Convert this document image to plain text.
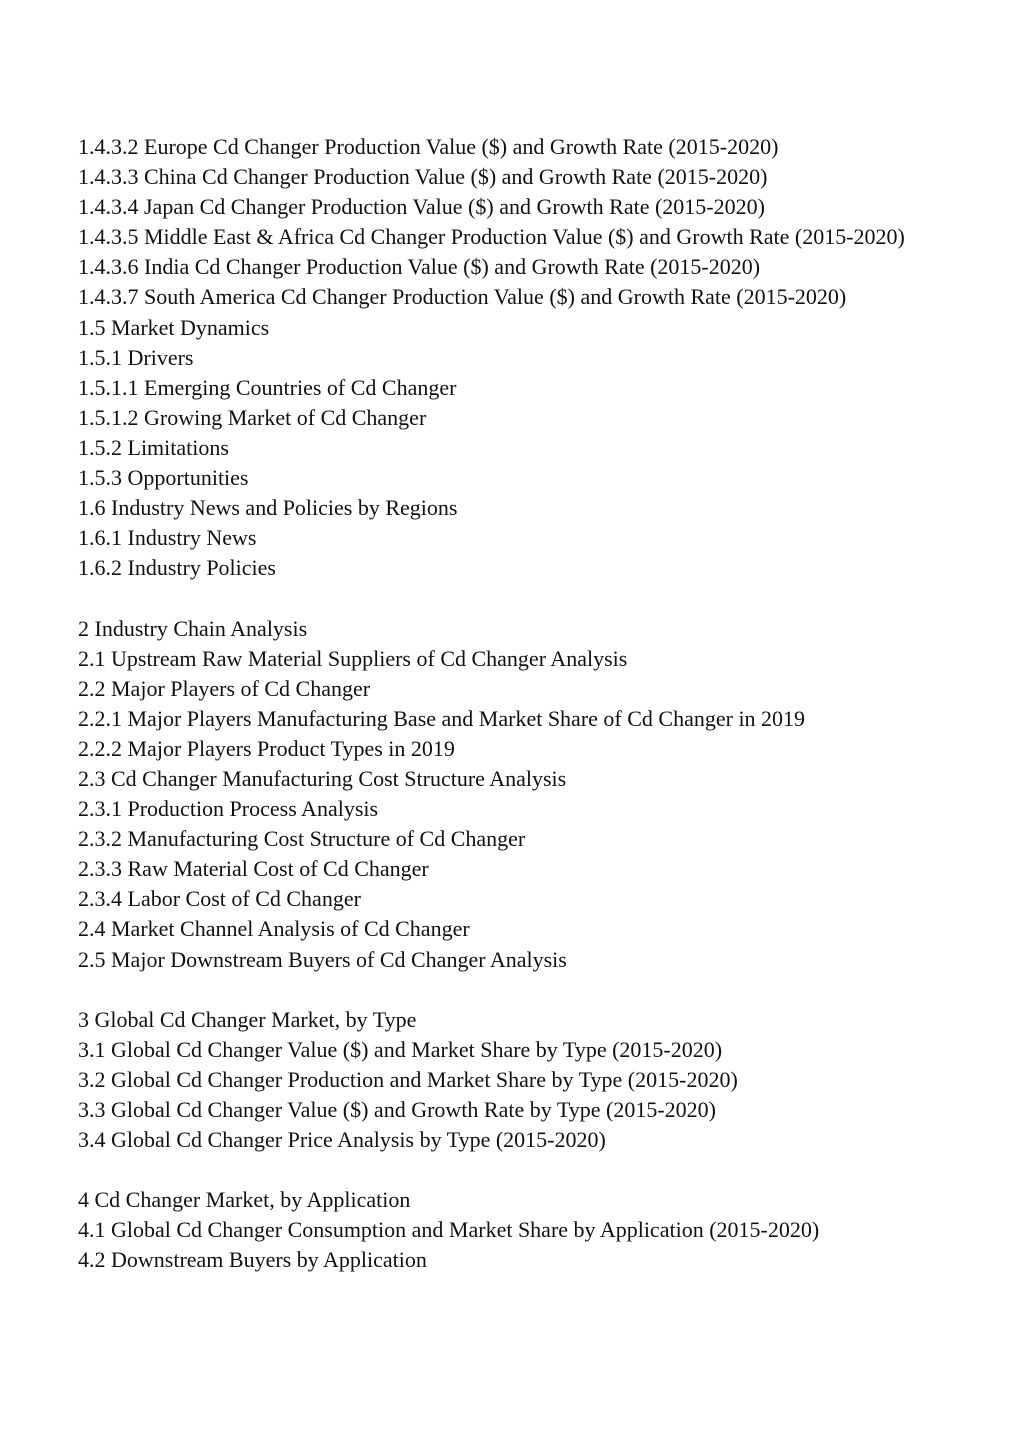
1.4.3.2 Europe Cd Changer Production Value ($) and Growth Rate (2015-2020)
1.4.3.3 China Cd Changer Production Value ($) and Growth Rate (2015-2020)
1.4.3.4 Japan Cd Changer Production Value ($) and Growth Rate (2015-2020)
1.4.3.5 Middle East & Africa Cd Changer Production Value ($) and Growth Rate (2015-2020)
1.4.3.6 India Cd Changer Production Value ($) and Growth Rate (2015-2020)
1.4.3.7 South America Cd Changer Production Value ($) and Growth Rate (2015-2020)
1.5 Market Dynamics
1.5.1 Drivers
1.5.1.1 Emerging Countries of Cd Changer
1.5.1.2 Growing Market of Cd Changer
1.5.2 Limitations
1.5.3 Opportunities
1.6 Industry News and Policies by Regions
1.6.1 Industry News
1.6.2 Industry Policies
2 Industry Chain Analysis
2.1 Upstream Raw Material Suppliers of Cd Changer Analysis
2.2 Major Players of Cd Changer
2.2.1 Major Players Manufacturing Base and Market Share of Cd Changer in 2019
2.2.2 Major Players Product Types in 2019
2.3 Cd Changer Manufacturing Cost Structure Analysis
2.3.1 Production Process Analysis
2.3.2 Manufacturing Cost Structure of Cd Changer
2.3.3 Raw Material Cost of Cd Changer
2.3.4 Labor Cost of Cd Changer
2.4 Market Channel Analysis of Cd Changer
2.5 Major Downstream Buyers of Cd Changer Analysis
3 Global Cd Changer Market, by Type
3.1 Global Cd Changer Value ($) and Market Share by Type (2015-2020)
3.2 Global Cd Changer Production and Market Share by Type (2015-2020)
3.3 Global Cd Changer Value ($) and Growth Rate by Type (2015-2020)
3.4 Global Cd Changer Price Analysis by Type (2015-2020)
4 Cd Changer Market, by Application
4.1 Global Cd Changer Consumption and Market Share by Application (2015-2020)
4.2 Downstream Buyers by Application
